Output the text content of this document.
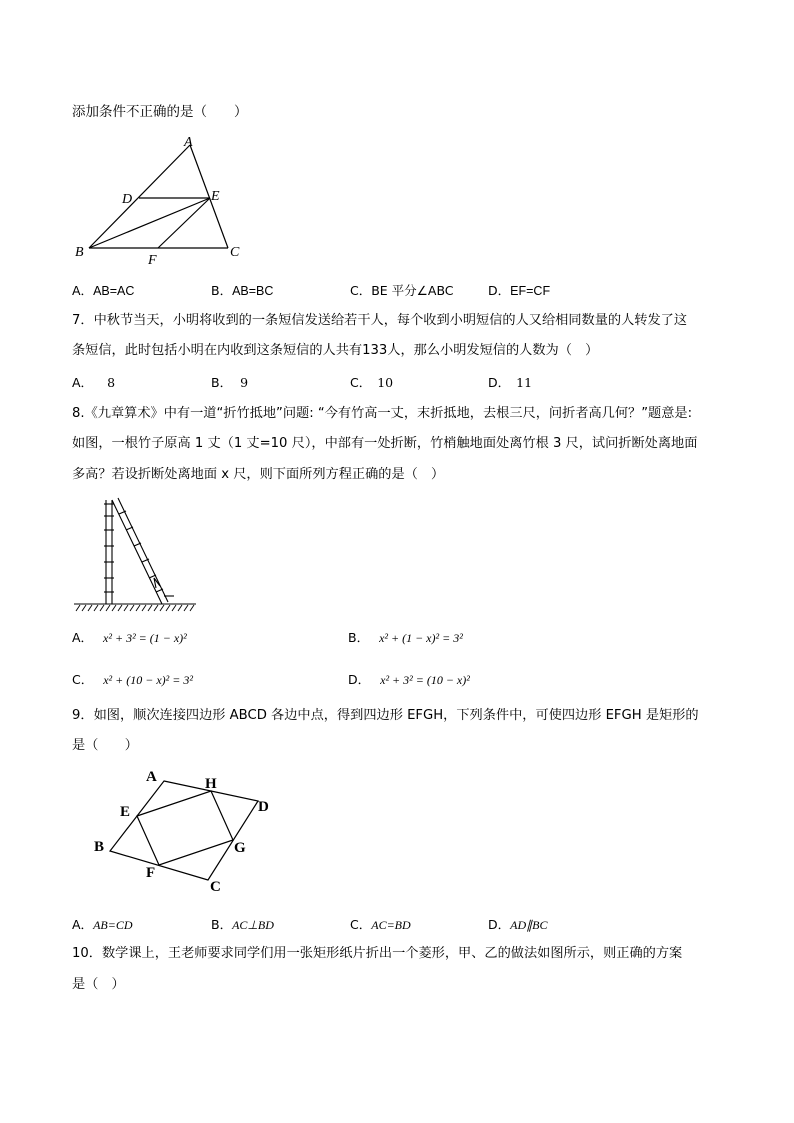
添加条件不正确的是（　　）
A
D	E
B	C
F
A．AB=AC	B．AB=BC	C．BE 平分∠ABC	D．EF=CF
7．中秋节当天，小明将收到的一条短信发送给若干人，每个收到小明短信的人又给相同数量的人转发了这
条短信，此时包括小明在内收到这条短信的人共有133人，那么小明发短信的人数为（　）
A． 8	B． 9	C． 10	D． 11
8.《九章算术》中有一道“折竹抵地”问题: “今有竹高一丈，末折抵地，去根三尺，问折者高几何？”题意是:
如图，一根竹子原高 1 丈（1 丈=10 尺），中部有一处折断，竹梢触地面处离竹根 3 尺，试问折断处离地面
多高？若设折断处离地面 x 尺，则下面所列方程正确的是（　）
A． x² + 3² = (1 − x)²	B． x² + (1 − x)² = 3²
C． x² + (10 − x)² = 3²	D． x² + 3² = (10 − x)²
9．如图，顺次连接四边形 ABCD 各边中点，得到四边形 EFGH，下列条件中，可使四边形 EFGH 是矩形的
是（　　）
A	H
D
E
G
B
F
C
A．AB=CD	B．AC⊥BD	C．AC=BD	D．AD∥BC
10．数学课上，王老师要求同学们用一张矩形纸片折出一个菱形，甲、乙的做法如图所示，则正确的方案
是（　）
